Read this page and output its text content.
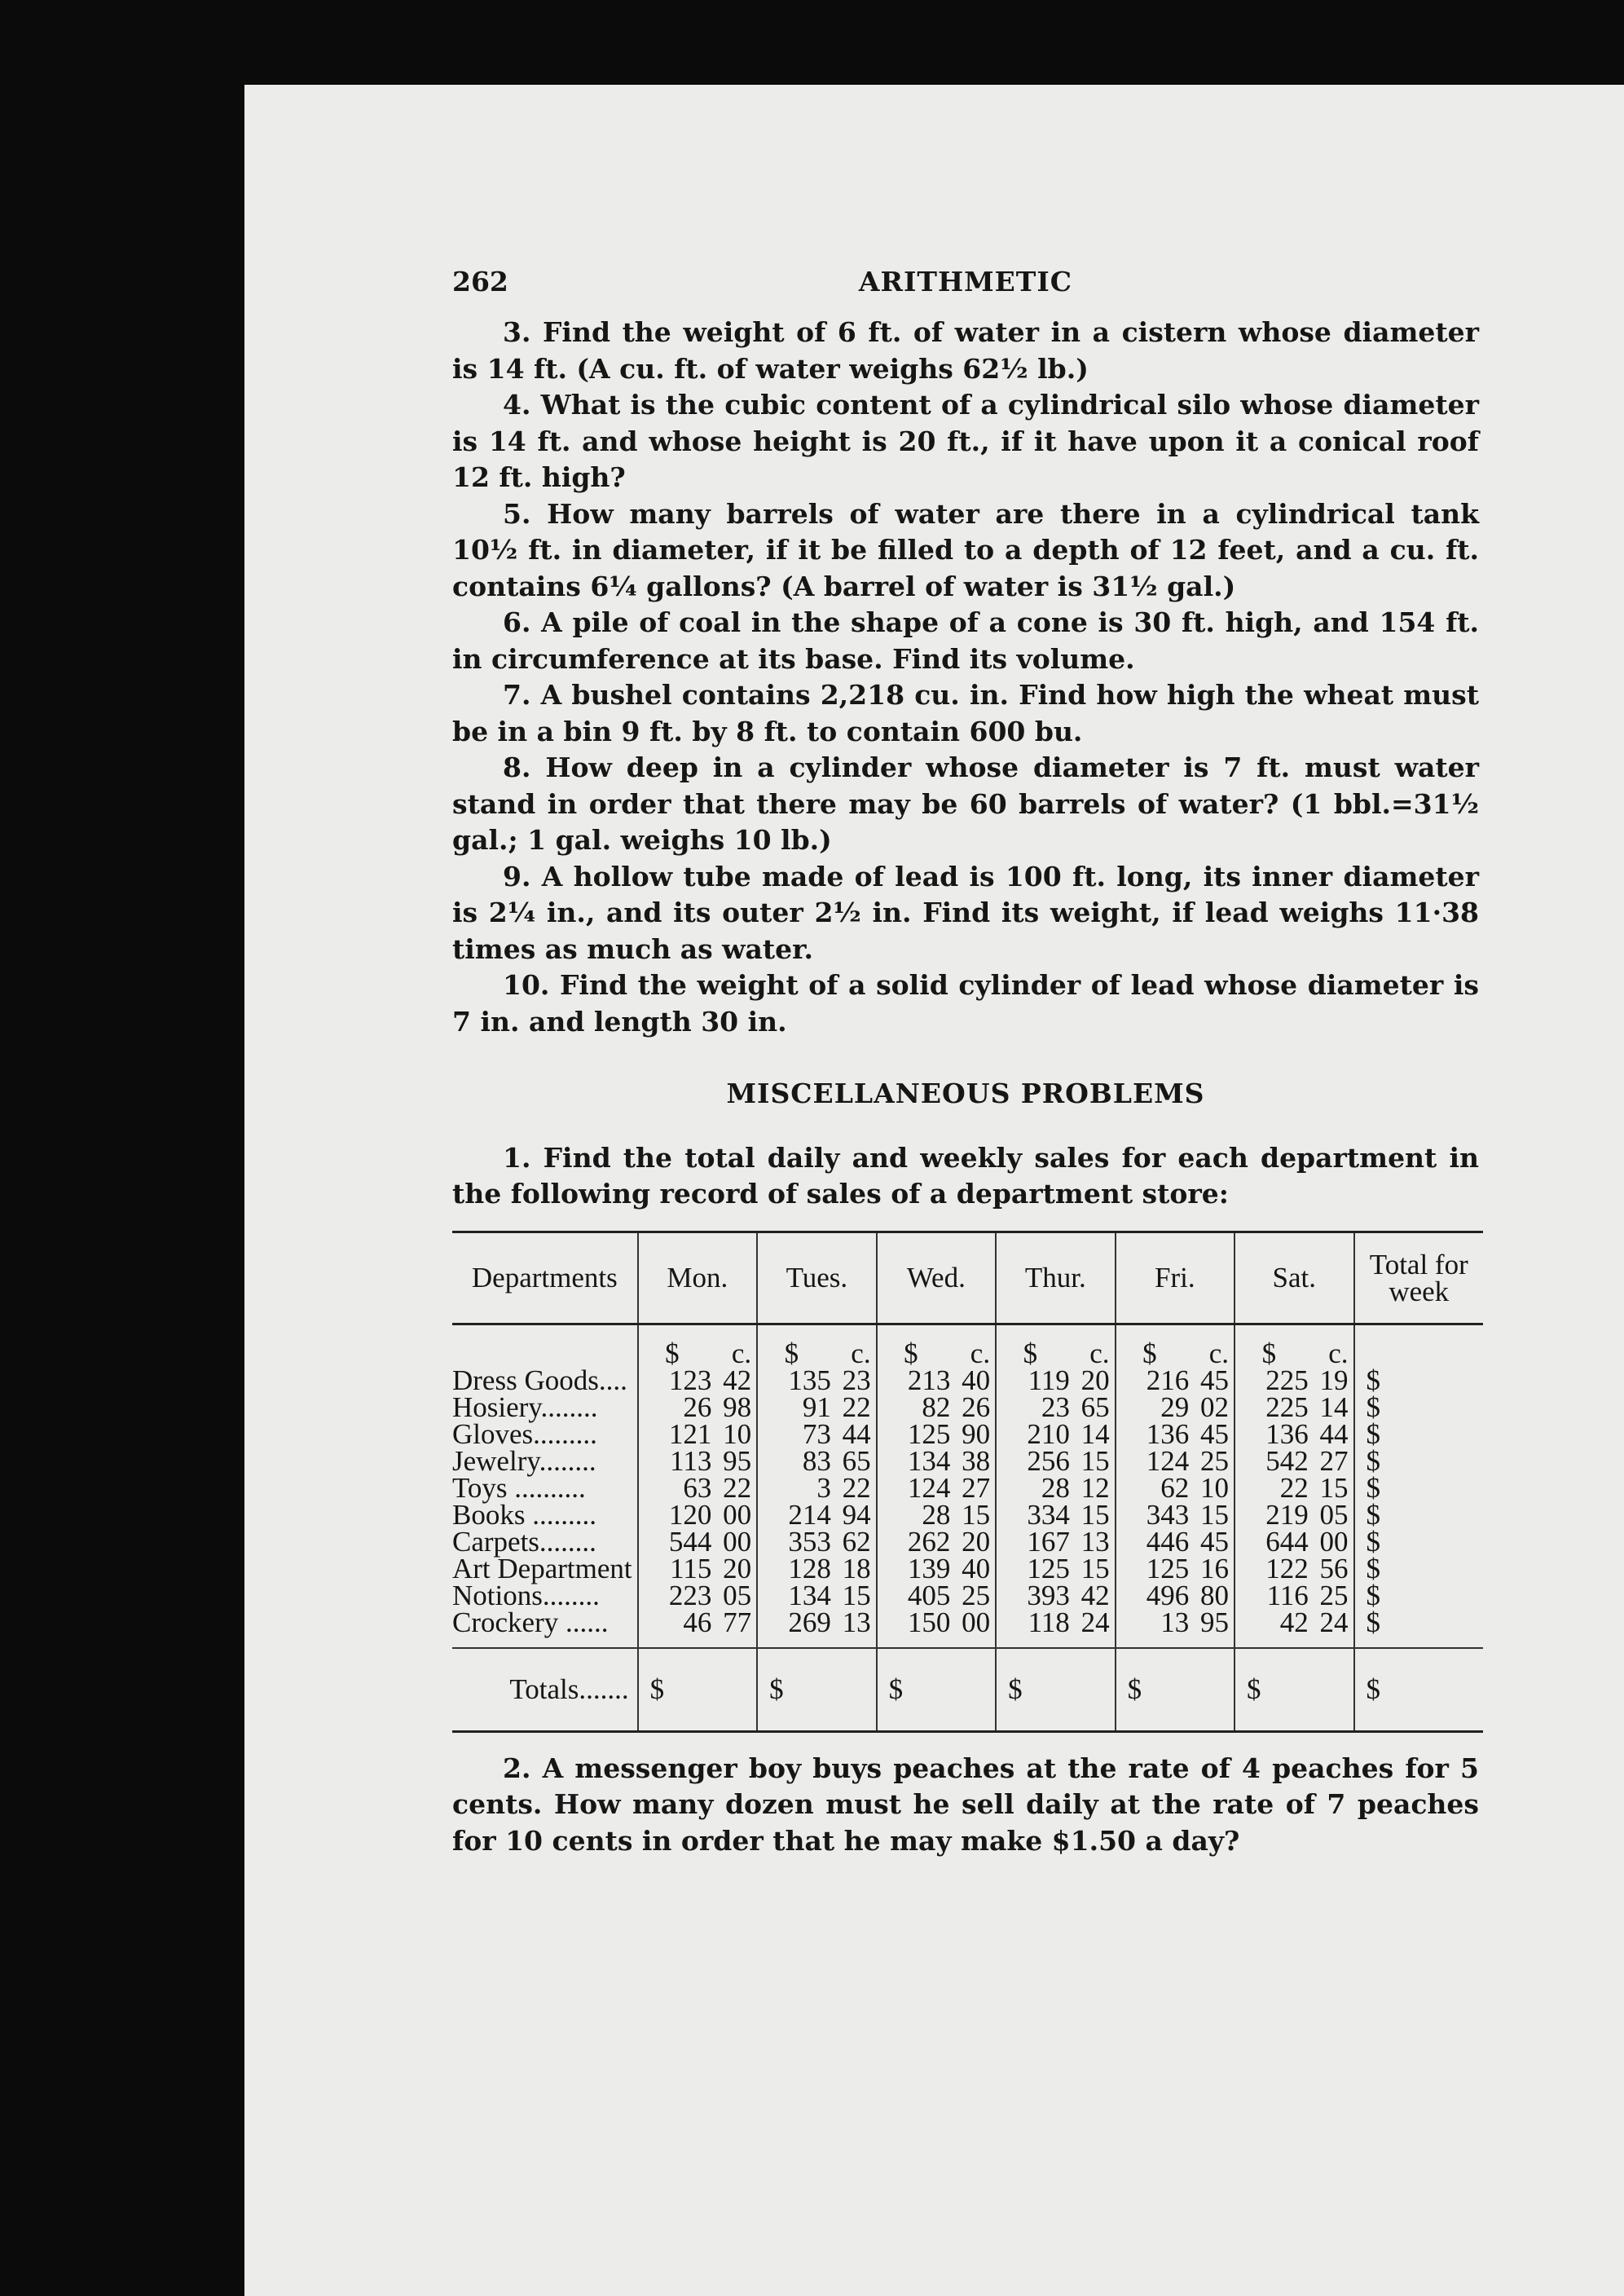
262	ARITHMETIC

3. Find the weight of 6 ft. of water in a cistern whose diameter is 14 ft. (A cu. ft. of water weighs 62½ lb.)

4. What is the cubic content of a cylindrical silo whose diameter is 14 ft. and whose height is 20 ft., if it have upon it a conical roof 12 ft. high?

5. How many barrels of water are there in a cylindrical tank 10½ ft. in diameter, if it be filled to a depth of 12 feet, and a cu. ft. contains 6¼ gallons? (A barrel of water is 31½ gal.)

6. A pile of coal in the shape of a cone is 30 ft. high, and 154 ft. in circumference at its base. Find its volume.

7. A bushel contains 2,218 cu. in. Find how high the wheat must be in a bin 9 ft. by 8 ft. to contain 600 bu.

8. How deep in a cylinder whose diameter is 7 ft. must water stand in order that there may be 60 barrels of water? (1 bbl.=31½ gal.; 1 gal. weighs 10 lb.)

9. A hollow tube made of lead is 100 ft. long, its inner diameter is 2¼ in., and its outer 2½ in. Find its weight, if lead weighs 11·38 times as much as water.

10. Find the weight of a solid cylinder of lead whose diameter is 7 in. and length 30 in.

MISCELLANEOUS PROBLEMS

1. Find the total daily and weekly sales for each department in the following record of sales of a department store:

Departments	Mon.	Tues.	Wed.	Thur.	Fri.	Sat.	Total for week
	$ c.	$ c.	$ c.	$ c.	$ c.	$ c.	
Dress Goods....	123 42	135 23	213 40	119 20	216 45	225 19	$
Hosiery........	26 98	91 22	82 26	23 65	29 02	225 14	$
Gloves.........	121 10	73 44	125 90	210 14	136 45	136 44	$
Jewelry........	113 95	83 65	134 38	256 15	124 25	542 27	$
Toys ..........	63 22	3 22	124 27	28 12	62 10	22 15	$
Books .........	120 00	214 94	28 15	334 15	343 15	219 05	$
Carpets........	544 00	353 62	262 20	167 13	446 45	644 00	$
Art Department	115 20	128 18	139 40	125 15	125 16	122 56	$
Notions........	223 05	134 15	405 25	393 42	496 80	116 25	$
Crockery ......	46 77	269 13	150 00	118 24	13 95	42 24	$
Totals.......	$	$	$	$	$	$	$

2. A messenger boy buys peaches at the rate of 4 peaches for 5 cents. How many dozen must he sell daily at the rate of 7 peaches for 10 cents in order that he may make $1.50 a day?
